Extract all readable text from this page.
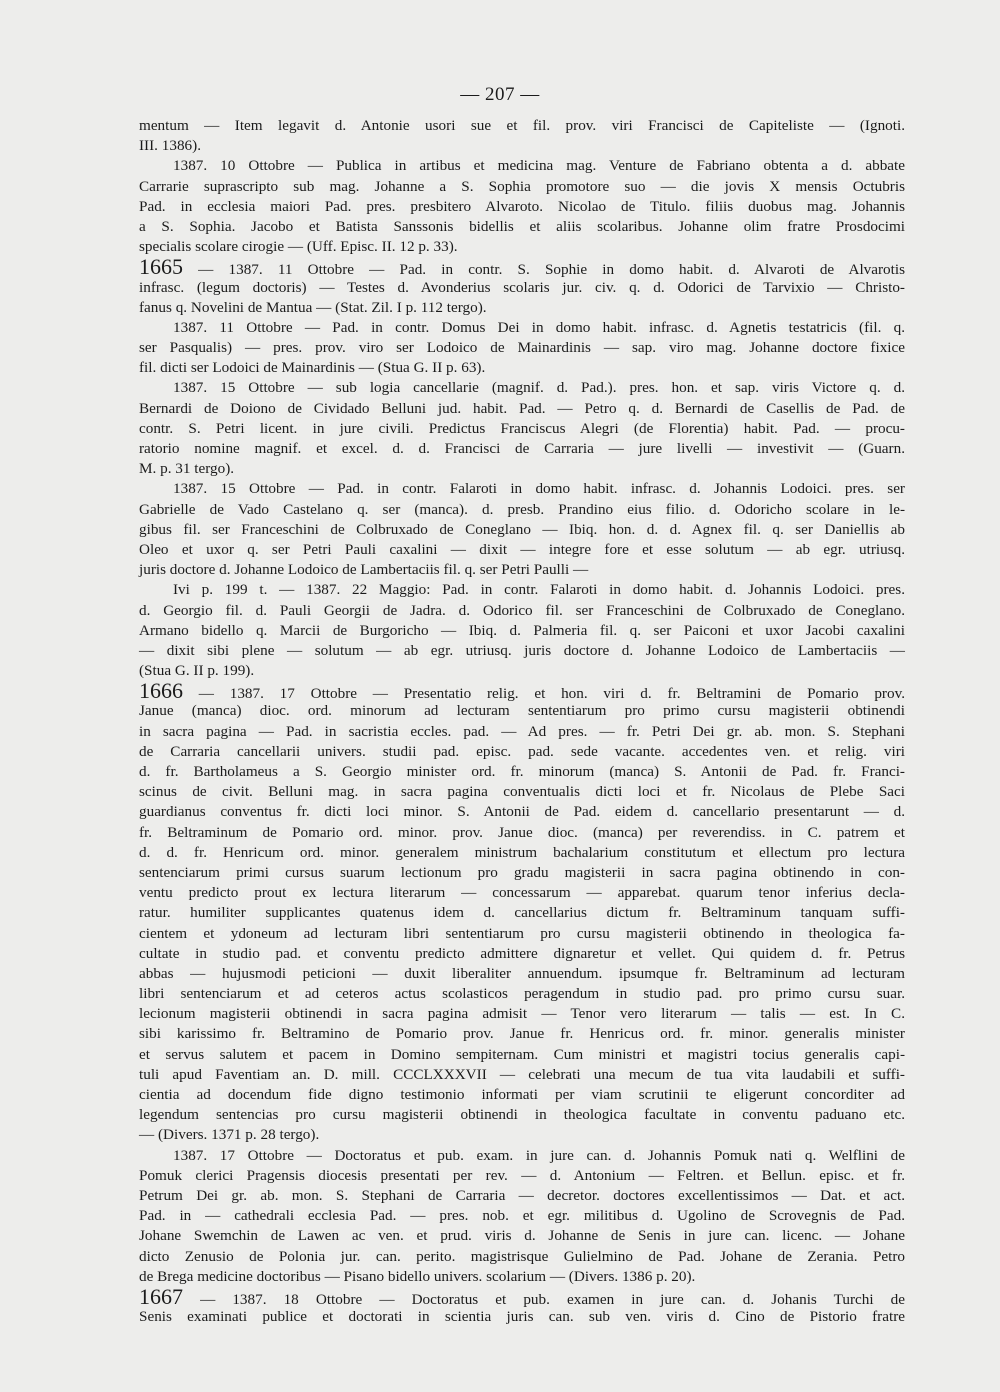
— 207 —
mentum — Item legavit d. Antonie usori sue et fil. prov. viri Francisci de Capiteliste — (Ignoti.
III. 1386).
1387. 10 Ottobre — Publica in artibus et medicina mag. Venture de Fabriano obtenta a d. abbate
Carrarie suprascripto sub mag. Johanne a S. Sophia promotore suo — die jovis X mensis Octubris
Pad. in ecclesia maiori Pad. pres. presbitero Alvaroto. Nicolao de Titulo. filiis duobus mag. Johannis
a S. Sophia. Jacobo et Batista Sanssonis bidellis et aliis scolaribus. Johanne olim fratre Prosdocimi
specialis scolare cirogie — (Uff. Episc. II. 12 p. 33).
1665 — 1387. 11 Ottobre — Pad. in contr. S. Sophie in domo habit. d. Alvaroti de Alvarotis
infrasc. (legum doctoris) — Testes d. Avonderius scolaris jur. civ. q. d. Odorici de Tarvixio — Christo-
fanus q. Novelini de Mantua — (Stat. Zil. I p. 112 tergo).
1387. 11 Ottobre — Pad. in contr. Domus Dei in domo habit. infrasc. d. Agnetis testatricis (fil. q.
ser Pasqualis) — pres. prov. viro ser Lodoico de Mainardinis — sap. viro mag. Johanne doctore fixice
fil. dicti ser Lodoici de Mainardinis — (Stua G. II p. 63).
1387. 15 Ottobre — sub logia cancellarie (magnif. d. Pad.). pres. hon. et sap. viris Victore q. d.
Bernardi de Doiono de Cividado Belluni jud. habit. Pad. — Petro q. d. Bernardi de Casellis de Pad. de
contr. S. Petri licent. in jure civili. Predictus Franciscus Alegri (de Florentia) habit. Pad. — procu-
ratorio nomine magnif. et excel. d. d. Francisci de Carraria — jure livelli — investivit — (Guarn.
M. p. 31 tergo).
1387. 15 Ottobre — Pad. in contr. Falaroti in domo habit. infrasc. d. Johannis Lodoici. pres. ser
Gabrielle de Vado Castelano q. ser (manca). d. presb. Prandino eius filio. d. Odoricho scolare in le-
gibus fil. ser Franceschini de Colbruxado de Coneglano — Ibiq. hon. d. d. Agnex fil. q. ser Daniellis ab
Oleo et uxor q. ser Petri Pauli caxalini — dixit — integre fore et esse solutum — ab egr. utriusq.
juris doctore d. Johanne Lodoico de Lambertaciis fil. q. ser Petri Paulli —
Ivi p. 199 t. — 1387. 22 Maggio: Pad. in contr. Falaroti in domo habit. d. Johannis Lodoici. pres.
d. Georgio fil. d. Pauli Georgii de Jadra. d. Odorico fil. ser Franceschini de Colbruxado de Coneglano.
Armano bidello q. Marcii de Burgoricho — Ibiq. d. Palmeria fil. q. ser Paiconi et uxor Jacobi caxalini
— dixit sibi plene — solutum — ab egr. utriusq. juris doctore d. Johanne Lodoico de Lambertaciis —
(Stua G. II p. 199).
1666 — 1387. 17 Ottobre — Presentatio relig. et hon. viri d. fr. Beltramini de Pomario prov.
Janue (manca) dioc. ord. minorum ad lecturam sententiarum pro primo cursu magisterii obtinendi
in sacra pagina — Pad. in sacristia eccles. pad. — Ad pres. — fr. Petri Dei gr. ab. mon. S. Stephani
de Carraria cancellarii univers. studii pad. episc. pad. sede vacante. accedentes ven. et relig. viri
d. fr. Bartholameus a S. Georgio minister ord. fr. minorum (manca) S. Antonii de Pad. fr. Franci-
scinus de civit. Belluni mag. in sacra pagina conventualis dicti loci et fr. Nicolaus de Plebe Saci
guardianus conventus fr. dicti loci minor. S. Antonii de Pad. eidem d. cancellario presentarunt — d.
fr. Beltraminum de Pomario ord. minor. prov. Janue dioc. (manca) per reverendiss. in C. patrem et
d. d. fr. Henricum ord. minor. generalem ministrum bachalarium constitutum et ellectum pro lectura
sentenciarum primi cursus suarum lectionum pro gradu magisterii in sacra pagina obtinendo in con-
ventu predicto prout ex lectura literarum — concessarum — apparebat. quarum tenor inferius decla-
ratur. humiliter supplicantes quatenus idem d. cancellarius dictum fr. Beltraminum tanquam suffi-
cientem et ydoneum ad lecturam libri sententiarum pro cursu magisterii obtinendo in theologica fa-
cultate in studio pad. et conventu predicto admittere dignaretur et vellet. Qui quidem d. fr. Petrus
abbas — hujusmodi peticioni — duxit liberaliter annuendum. ipsumque fr. Beltraminum ad lecturam
libri sentenciarum et ad ceteros actus scolasticos peragendum in studio pad. pro primo cursu suar.
lecionum magisterii obtinendi in sacra pagina admisit — Tenor vero literarum — talis — est. In C.
sibi karissimo fr. Beltramino de Pomario prov. Janue fr. Henricus ord. fr. minor. generalis minister
et servus salutem et pacem in Domino sempiternam. Cum ministri et magistri tocius generalis capi-
tuli apud Faventiam an. D. mill. CCCLXXXVII — celebrati una mecum de tua vita laudabili et suffi-
cientia ad docendum fide digno testimonio informati per viam scrutinii te eligerunt concorditer ad
legendum sentencias pro cursu magisterii obtinendi in theologica facultate in conventu paduano etc.
— (Divers. 1371 p. 28 tergo).
1387. 17 Ottobre — Doctoratus et pub. exam. in jure can. d. Johannis Pomuk nati q. Welflini de
Pomuk clerici Pragensis diocesis presentati per rev. — d. Antonium — Feltren. et Bellun. episc. et fr.
Petrum Dei gr. ab. mon. S. Stephani de Carraria — decretor. doctores excellentissimos — Dat. et act.
Pad. in — cathedrali ecclesia Pad. — pres. nob. et egr. militibus d. Ugolino de Scrovegnis de Pad.
Johane Swemchin de Lawen ac ven. et prud. viris d. Johanne de Senis in jure can. licenc. — Johane
dicto Zenusio de Polonia jur. can. perito. magistrisque Gulielmino de Pad. Johane de Zerania. Petro
de Brega medicine doctoribus — Pisano bidello univers. scolarium — (Divers. 1386 p. 20).
1667 — 1387. 18 Ottobre — Doctoratus et pub. examen in jure can. d. Johanis Turchi de
Senis examinati publice et doctorati in scientia juris can. sub ven. viris d. Cino de Pistorio fratre
